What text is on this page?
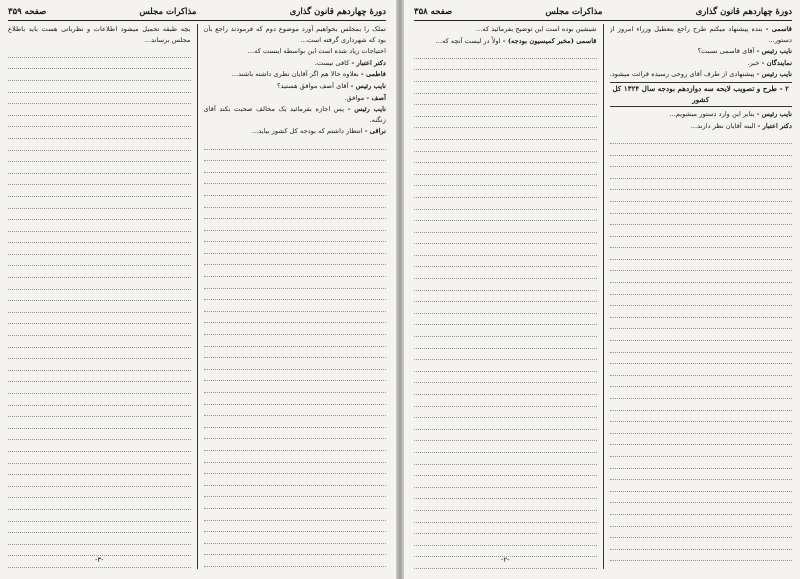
دورهٔ چهاردهم قانون گذاری
مذاکرات مجلس
صفحه ۳۵۹

تملک را بمجلس بخواهیم آورد موضوع دوم که فرمودند راجع بآن بود که شهرداری گرفته است...

احتیاجات زیاد شده است این بواسطه اینست که...

دکتر اعتبار - کافی نیست.

فاطمی - بعلاوه حالا هم اگر آقایان نظری داشته باشند...

نایب رئیس - آقای آصف موافق هستید؟

آصف - موافق.

نایب رئیس - پس اجازه بفرمائید یک مخالف صحبت بکند آقای زنگنه.

نراقی - انتظار داشتم که بودجه کل کشور بیاید...

بچه طبقه تحمیل میشود اطلاعات و نظرباتی هست باید باطلاع مجلس برساند...

-۳-
دورهٔ چهاردهم قانون گذاری
مذاکرات مجلس
صفحه ۳۵۸

قاسمی - بنده پیشنهاد میکنم طرح راجع بتعطیل وزراء امروز از دستور...

نایب رئیس - آقای قاسمی نسبت؟

نمایندگان - خیر.

نایب رئیس - پیشنهادی از طرف آقای روحی رسیده قرائت میشود.

۲ - طرح و تصویب لایحه سه دوازدهم بودجه سال ۱۳۲۴ کل کشور

نایب رئیس - بنابر این وارد دستور میشویم...

دکتر اعتبار - البته آقایان نظر دارند...

شیشین بوده است این توضیح بفرمائید که...

قاسمی (مخبر کمیسیون بودجه) - اولاً در لیست آنچه که...

-۲-
